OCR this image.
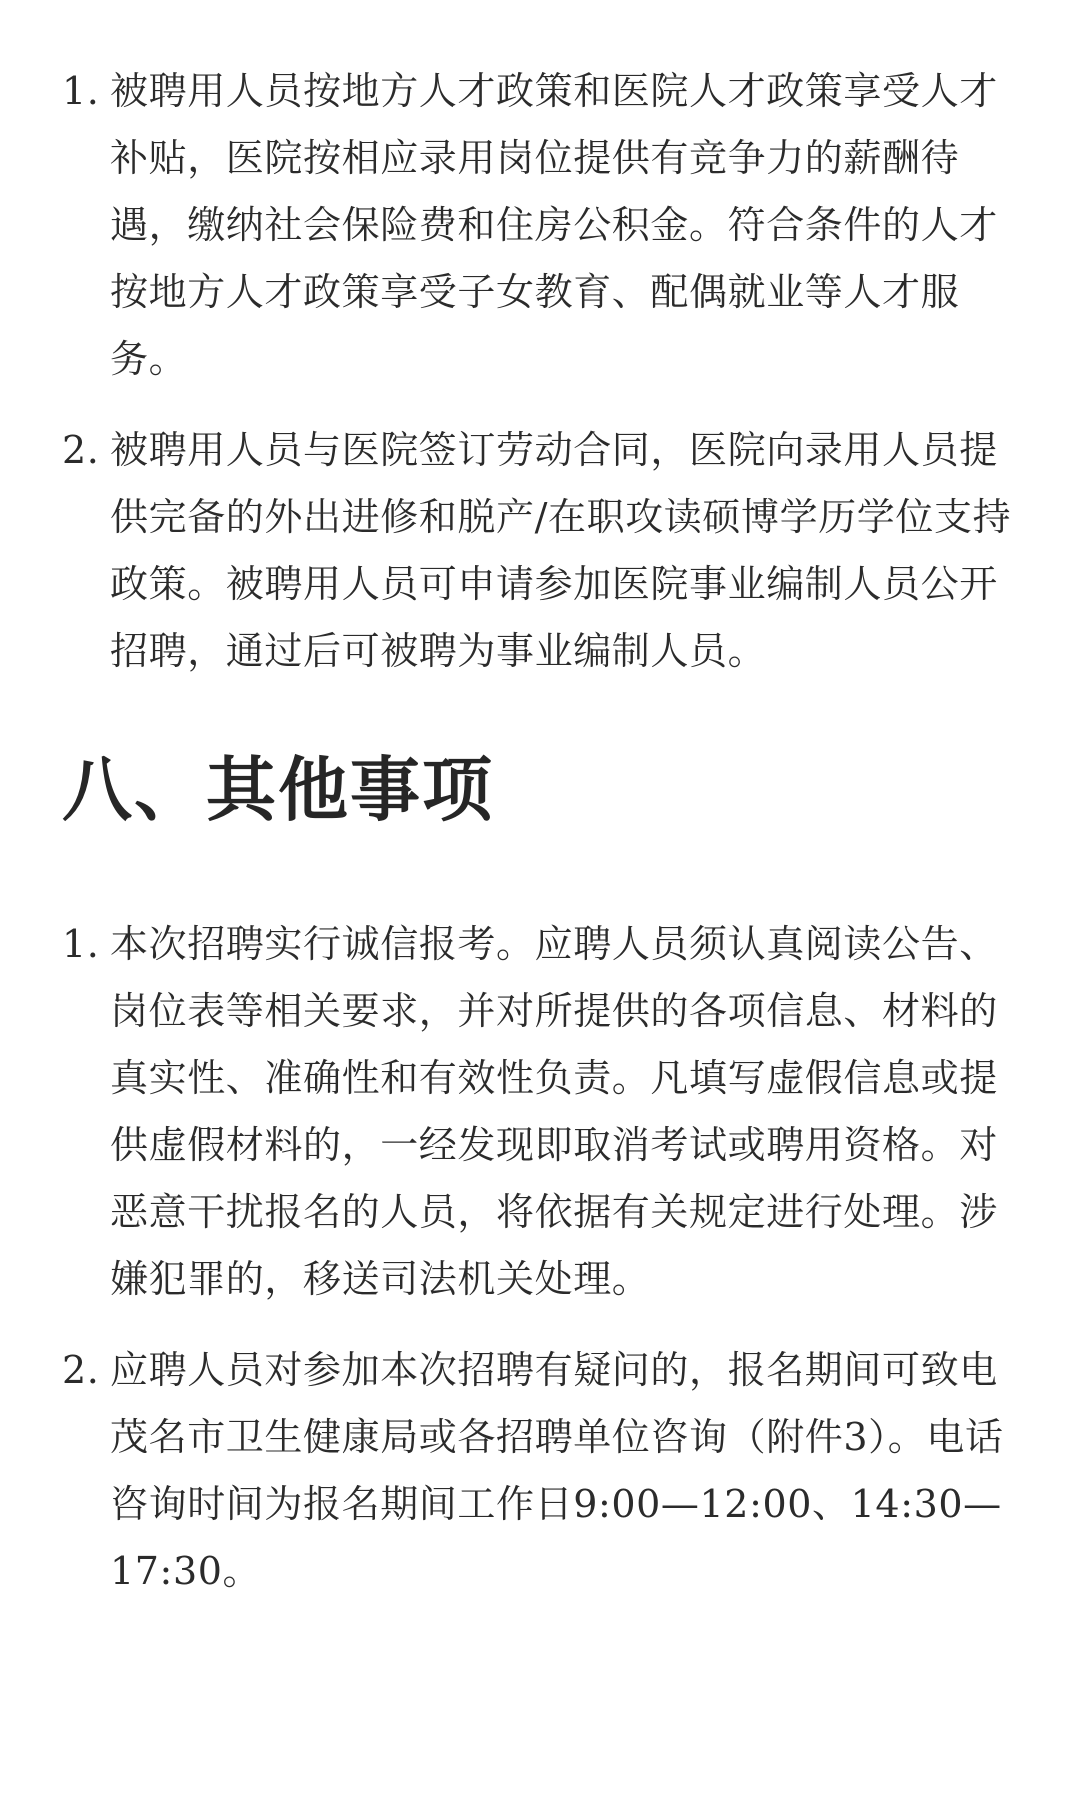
1. 被聘用人员按地方人才政策和医院人才政策享受人才补贴，医院按相应录用岗位提供有竞争力的薪酬待遇，缴纳社会保险费和住房公积金。符合条件的人才按地方人才政策享受子女教育、配偶就业等人才服务。
2. 被聘用人员与医院签订劳动合同，医院向录用人员提供完备的外出进修和脱产/在职攻读硕博学历学位支持政策。被聘用人员可申请参加医院事业编制人员公开招聘，通过后可被聘为事业编制人员。
八、其他事项
1. 本次招聘实行诚信报考。应聘人员须认真阅读公告、岗位表等相关要求，并对所提供的各项信息、材料的真实性、准确性和有效性负责。凡填写虚假信息或提供虚假材料的，一经发现即取消考试或聘用资格。对恶意干扰报名的人员，将依据有关规定进行处理。涉嫌犯罪的，移送司法机关处理。
2. 应聘人员对参加本次招聘有疑问的，报名期间可致电茂名市卫生健康局或各招聘单位咨询（附件3）。电话咨询时间为报名期间工作日9:00—12:00、14:30—17:30。
